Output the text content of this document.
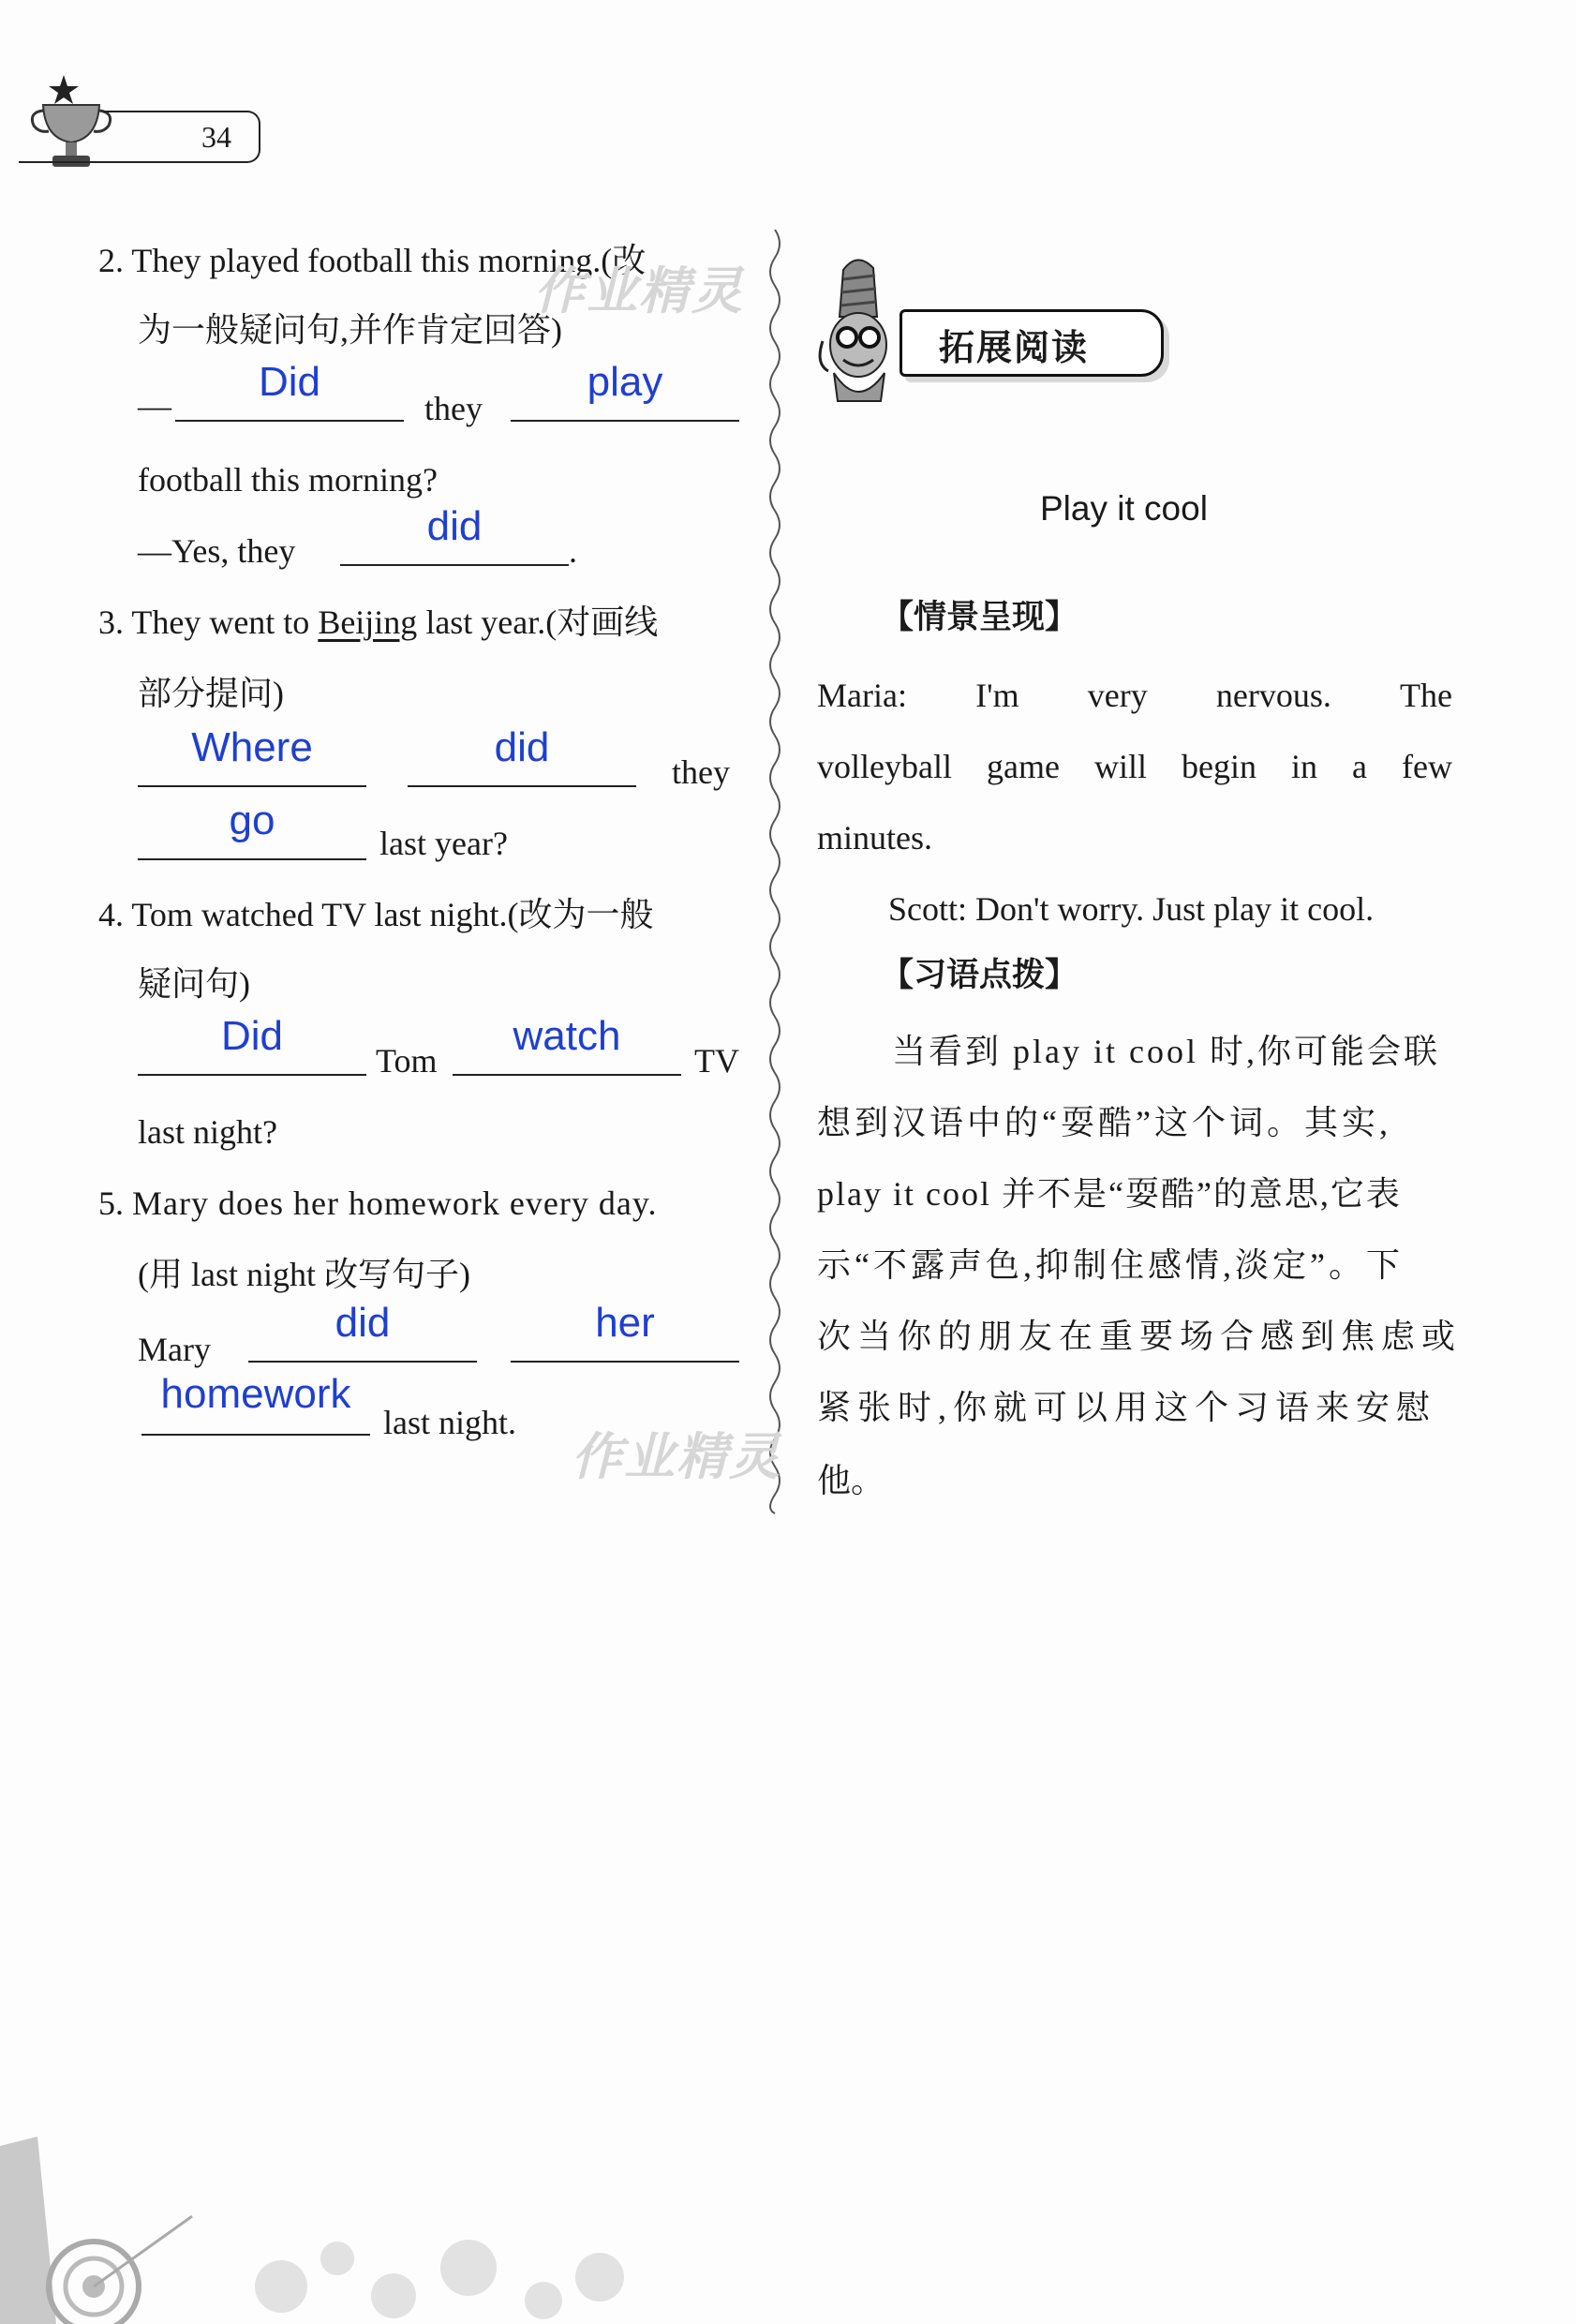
34
2. They played football this morning.(改
为一般疑问句,并作肯定回答)
—
Did
they
play
football this morning?
—Yes, they
did
.
3. They went to Beijing last year.(对画线
部分提问)
Where	did
they
go	last year?
4. Tom watched TV last night.(改为一般
疑问句)
Did
Tom
watch
TV
last night?
5. Mary does her homework every day.
(用 last night 改写句子)
Mary
did	her
homework
last night.
拓展阅读
Play it cool
【情景呈现】
Maria: I'm very nervous. The
volleyball game will begin in a few
minutes.
Scott: Don't worry. Just play it cool.
【习语点拨】
当看到 play it cool 时,你可能会联
想到汉语中的“耍酷”这个词。其实,
play it cool 并不是“耍酷”的意思,它表
示“不露声色,抑制住感情,淡定”。下
次当你的朋友在重要场合感到焦虑或
紧张时,你就可以用这个习语来安慰
他。
作业精灵
作业精灵
